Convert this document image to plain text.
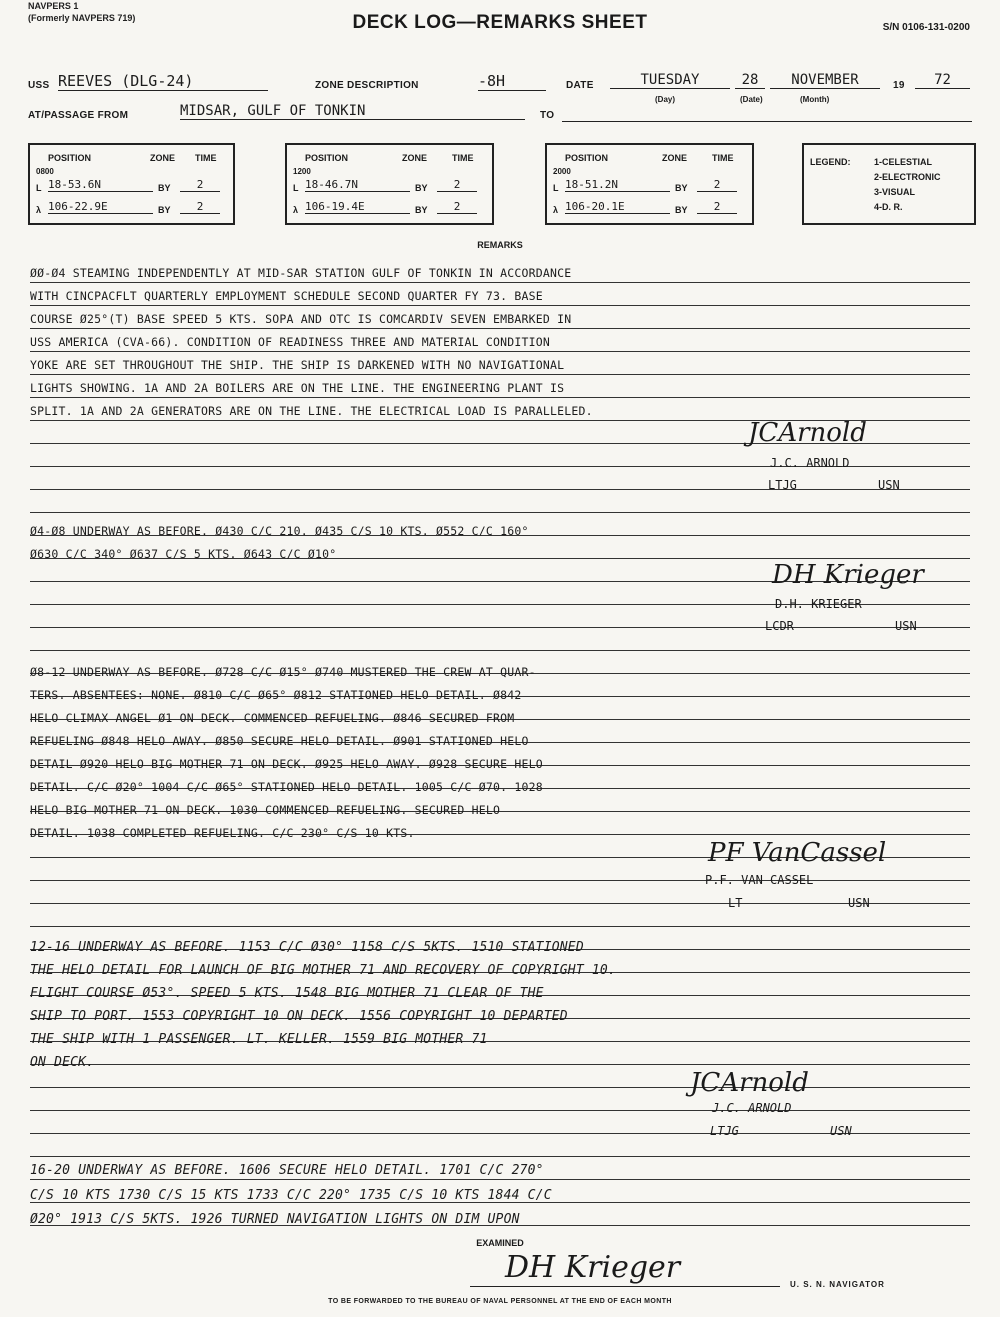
NAVPERS 1
(Formerly NAVPERS 719)	DECK LOG—REMARKS SHEET	S/N 0106-131-0200
USS REEVES (DLG-24)	ZONE DESCRIPTION	-8H	DATE	TUESDAY	28	NOVEMBER	19	72
(Day)	(Date)	(Month)
AT/PASSAGE FROM	MIDSAR, GULF OF TONKIN	TO
POSITION	ZONE TIME
0800
L 18-53.6N	BY	2
λ 106-22.9E	BY	2
POSITION	ZONE	TIME
1200
L 18-46.7N	BY	2
λ 106-19.4E	BY	2
POSITION	ZONE	TIME
2000
L 18-51.2N	BY	2
λ 106-20.1E	BY	2
LEGEND:	1-CELESTIAL
2-ELECTRONIC
3-VISUAL
4-D. R.
REMARKS
ØØ-Ø4 STEAMING INDEPENDENTLY AT MID-SAR STATION GULF OF TONKIN IN ACCORDANCE
WITH CINCPACFLT QUARTERLY EMPLOYMENT SCHEDULE SECOND QUARTER FY 73. BASE
COURSE Ø25°(T) BASE SPEED 5 KTS. SOPA AND OTC IS COMCARDIV SEVEN EMBARKED IN
USS AMERICA (CVA-66). CONDITION OF READINESS THREE AND MATERIAL CONDITION
YOKE ARE SET THROUGHOUT THE SHIP. THE SHIP IS DARKENED WITH NO NAVIGATIONAL
LIGHTS SHOWING. 1A AND 2A BOILERS ARE ON THE LINE. THE ENGINEERING PLANT IS
SPLIT. 1A AND 2A GENERATORS ARE ON THE LINE. THE ELECTRICAL LOAD IS PARALLELED.
JCArnold
J.C. ARNOLD
LTJG	USN
Ø4-Ø8 UNDERWAY AS BEFORE. Ø430 C/C 210. Ø435 C/S 10 KTS. Ø552 C/C 160°
Ø630 C/C 340° Ø637 C/S 5 KTS. Ø643 C/C Ø10°
DH Krieger
D.H. KRIEGER
LCDR	USN
Ø8-12 UNDERWAY AS BEFORE. Ø728 C/C Ø15° Ø740 MUSTERED THE CREW AT QUAR-
TERS. ABSENTEES: NONE. Ø810 C/C Ø65° Ø812 STATIONED HELO DETAIL. Ø842
HELO CLIMAX ANGEL Ø1 ON DECK. COMMENCED REFUELING. Ø846 SECURED FROM
REFUELING Ø848 HELO AWAY. Ø850 SECURE HELO DETAIL. Ø901 STATIONED HELO
DETAIL Ø920 HELO BIG MOTHER 71 ON DECK. Ø925 HELO AWAY. Ø928 SECURE HELO
DETAIL. C/C Ø20° 1004 C/C Ø65° STATIONED HELO DETAIL. 1005 C/C Ø70. 1028
HELO BIG MOTHER 71 ON DECK. 1030 COMMENCED REFUELING. SECURED HELO
DETAIL. 1038 COMPLETED REFUELING. C/C 230° C/S 10 KTS.
PF VanCassel
P.F. VAN CASSEL
LT	USN
12-16 UNDERWAY AS BEFORE. 1153 C/C Ø30° 1158 C/S 5KTS. 1510 STATIONED
THE HELO DETAIL FOR LAUNCH OF BIG MOTHER 71 AND RECOVERY OF COPYRIGHT 10.
FLIGHT COURSE Ø53°. SPEED 5 KTS. 1548 BIG MOTHER 71 CLEAR OF THE
SHIP TO PORT. 1553 COPYRIGHT 10 ON DECK. 1556 COPYRIGHT 10 DEPARTED
THE SHIP WITH 1 PASSENGER. LT. KELLER. 1559 BIG MOTHER 71
ON DECK.
JCArnold
J.C. ARNOLD
LTJG	USN
16-20 UNDERWAY AS BEFORE. 1606 SECURE HELO DETAIL. 1701 C/C 270°
C/S 10 KTS 1730 C/S 15 KTS 1733 C/C 220° 1735 C/S 10 KTS 1844 C/C
Ø20° 1913 C/S 5KTS. 1926 TURNED NAVIGATION LIGHTS ON DIM UPON
EXAMINED
DH Krieger	U. S. N. NAVIGATOR
TO BE FORWARDED TO THE BUREAU OF NAVAL PERSONNEL AT THE END OF EACH MONTH
